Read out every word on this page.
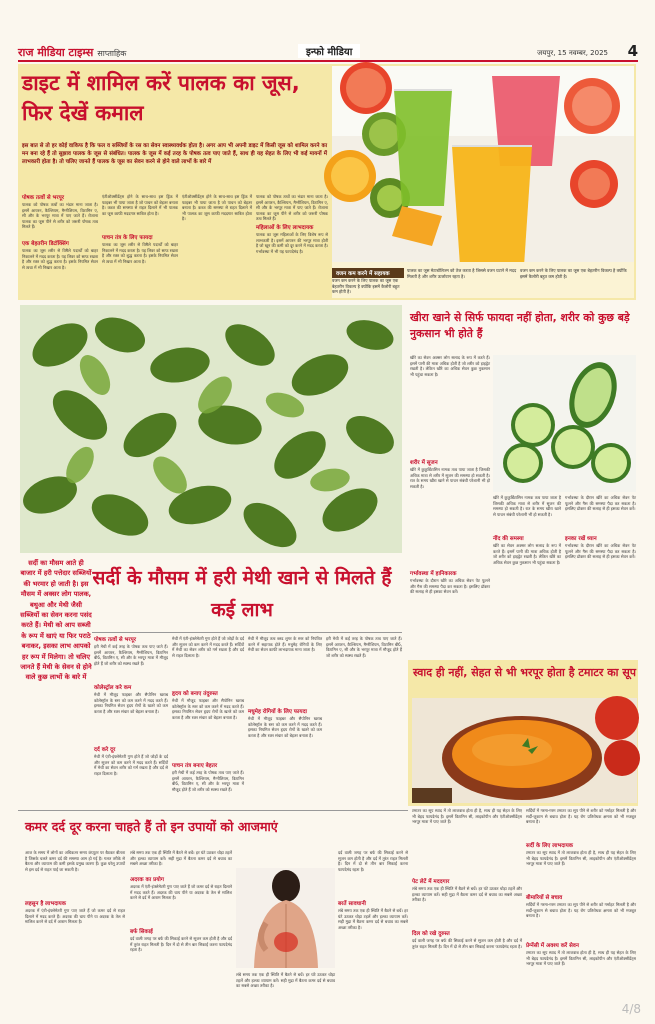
राज मीडिया टाइम्स साप्ताहिक	इन्फो मीडिया	जयपुर, 15 नवम्बर, 2025 4
डाइट में शामिल करें पालक का जूस, फिर देखें कमाल
इस बात से तो हर कोई वाकिफ है कि फल व सब्जियों के रस का सेवन स्वास्थ्यवर्धक होता है। अगर आप भी अपनी डाइट में किसी जूस को शामिल करने का मन बना रहे हैं तो सुझाव पालक के जूस से संबंधित। पालक के जूस में कई तरह के पोषक तत्व पाए जाते हैं, साथ ही यह सेहत के लिए भी कई मायनों में लाभकारी होता है। तो चलिए जानते हैं पालक के जूस का सेवन करने से होने वाले लाभों के बारे में
पोषक तत्वों से भरपूर
पालक को पोषक तत्वों का भंडार माना जाता है। इसमें आयरन, कैल्शियम, मैग्नीशियम, विटामिन ए, सी और के भरपूर मात्रा में पाए जाते हैं। रोजाना पालक का जूस पीने से शरीर को जरूरी पोषक तत्व मिलते हैं।
एक बेहतरीन डिटॉक्सिंग
पालक का जूस शरीर से विषैले पदार्थों को बाहर निकालने में मदद करता है। यह लिवर को साफ रखता है और रक्त को शुद्ध करता है। इसके नियमित सेवन से त्वचा में भी निखार आता है।
एंटीऑक्सीडेंट्स होने के साथ-साथ इस ड्रिंक में फाइबर भी पाया जाता है जो पाचन को बेहतर बनाता है। कब्ज की समस्या से राहत दिलाने में भी पालक का जूस काफी मददगार साबित होता है।
पाचन तंत्र के लिए फायदा
पालक का जूस शरीर से विषैले पदार्थों को बाहर निकालने में मदद करता है। यह लिवर को साफ रखता है और रक्त को शुद्ध करता है। इसके नियमित सेवन से त्वचा में भी निखार आता है।
एंटीऑक्सीडेंट्स होने के साथ-साथ इस ड्रिंक में फाइबर भी पाया जाता है जो पाचन को बेहतर बनाता है। कब्ज की समस्या से राहत दिलाने में भी पालक का जूस काफी मददगार साबित होता है।
पालक को पोषक तत्वों का भंडार माना जाता है। इसमें आयरन, कैल्शियम, मैग्नीशियम, विटामिन ए, सी और के भरपूर मात्रा में पाए जाते हैं। रोजाना पालक का जूस पीने से शरीर को जरूरी पोषक तत्व मिलते हैं।
महिलाओं के लिए लाभदायक
पालक का जूस महिलाओं के लिए विशेष रूप से लाभकारी है। इसमें आयरन की भरपूर मात्रा होती है जो खून की कमी को दूर करने में मदद करता है। गर्भावस्था में भी यह फायदेमंद है।
वजन कम करने में सहायक
वजन कम करने के लिए पालक का जूस एक बेहतरीन विकल्प है क्योंकि इसमें कैलोरी बहुत कम होती है।
पालक का जूस मेटाबॉलिज्म को तेज करता है जिससे वजन घटाने में मदद मिलती है और शरीर ऊर्जावान रहता है।
वजन कम करने के लिए पालक का जूस एक बेहतरीन विकल्प है क्योंकि इसमें कैलोरी बहुत कम होती है।
सर्दी का मौसम आते ही बाजार में हरी पत्तेदार सब्जियों की भरमार हो जाती है। इस मौसम में अक्सर लोग पालक, बथुआ और मेथी जैसी सब्जियों का सेवन करना पसंद करते हैं। मेथी को आप सब्जी के रूप में खाएं या फिर पराठे बनाकर, इसका लाभ आपको हर रूप में मिलेगा। तो चलिए जानते हैं मेथी के सेवन से होने वाले कुछ लाभों के बारे में
सर्दी के मौसम में हरी मेथी खाने से मिलते हैं कई लाभ
पोषक तत्वों से भरपूर
हरी मेथी में कई तरह के पोषक तत्व पाए जाते हैं। इसमें आयरन, कैल्शियम, मैग्नीशियम, विटामिन बी6, विटामिन ए, सी और के भरपूर मात्रा में मौजूद होते हैं जो शरीर को स्वस्थ रखते हैं।
कोलेस्ट्रॉल करे कम
मेथी में मौजूद फाइबर और सैपोनिन खराब कोलेस्ट्रॉल के स्तर को कम करने में मदद करते हैं। इसका नियमित सेवन हृदय रोगों के खतरे को कम करता है और रक्त संचार को बेहतर बनाता है।
दर्द करे दूर
मेथी में एंटी-इंफ्लेमेटरी गुण होते हैं जो जोड़ों के दर्द और सूजन को कम करने में मदद करते हैं। सर्दियों में मेथी का सेवन शरीर को गर्म रखता है और दर्द से राहत दिलाता है।
मेथी में एंटी-इंफ्लेमेटरी गुण होते हैं जो जोड़ों के दर्द और सूजन को कम करने में मदद करते हैं। सर्दियों में मेथी का सेवन शरीर को गर्म रखता है और दर्द से राहत दिलाता है।
हृदय को बनाए तंदुरुस्त
मेथी में मौजूद फाइबर और सैपोनिन खराब कोलेस्ट्रॉल के स्तर को कम करने में मदद करते हैं। इसका नियमित सेवन हृदय रोगों के खतरे को कम करता है और रक्त संचार को बेहतर बनाता है।
पाचन तंत्र बनाए बेहतर
हरी मेथी में कई तरह के पोषक तत्व पाए जाते हैं। इसमें आयरन, कैल्शियम, मैग्नीशियम, विटामिन बी6, विटामिन ए, सी और के भरपूर मात्रा में मौजूद होते हैं जो शरीर को स्वस्थ रखते हैं।
मेथी में मौजूद तत्व ब्लड शुगर के स्तर को नियंत्रित करने में सहायक होते हैं। मधुमेह रोगियों के लिए मेथी का सेवन काफी लाभदायक माना जाता है।
मधुमेह रोगियों के लिए फायदा
मेथी में मौजूद फाइबर और सैपोनिन खराब कोलेस्ट्रॉल के स्तर को कम करने में मदद करते हैं। इसका नियमित सेवन हृदय रोगों के खतरे को कम करता है और रक्त संचार को बेहतर बनाता है।
हरी मेथी में कई तरह के पोषक तत्व पाए जाते हैं। इसमें आयरन, कैल्शियम, मैग्नीशियम, विटामिन बी6, विटामिन ए, सी और के भरपूर मात्रा में मौजूद होते हैं जो शरीर को स्वस्थ रखते हैं।
खीरा खाने से सिर्फ फायदा नहीं होता, शरीर को कुछ बड़े नुकसान भी होते हैं
खीरे का सेवन अक्सर लोग सलाद के रूप में करते हैं। इसमें पानी की मात्रा अधिक होती है जो शरीर को हाइड्रेट रखती है। लेकिन खीरे का अधिक सेवन कुछ नुकसान भी पहुंचा सकता है।
शरीर में सूजन
खीरे में कुकुर्बिटासिन नामक तत्व पाया जाता है जिसकी अधिक मात्रा से शरीर में सूजन की समस्या हो सकती है। रात के समय खीरा खाने से पाचन संबंधी परेशानी भी हो सकती है।
खीरे में कुकुर्बिटासिन नामक तत्व पाया जाता है जिसकी अधिक मात्रा से शरीर में सूजन की समस्या हो सकती है। रात के समय खीरा खाने से पाचन संबंधी परेशानी भी हो सकती है।
नींद की समस्या
खीरे का सेवन अक्सर लोग सलाद के रूप में करते हैं। इसमें पानी की मात्रा अधिक होती है जो शरीर को हाइड्रेट रखती है। लेकिन खीरे का अधिक सेवन कुछ नुकसान भी पहुंचा सकता है।
गर्भावस्था के दौरान खीरे का अधिक सेवन पेट फूलने और गैस की समस्या पैदा कर सकता है। इसलिए डॉक्टर की सलाह से ही इसका सेवन करें।
इनका रखें ध्यान
गर्भावस्था के दौरान खीरे का अधिक सेवन पेट फूलने और गैस की समस्या पैदा कर सकता है। इसलिए डॉक्टर की सलाह से ही इसका सेवन करें।
गर्भावस्था में हानिकारक
गर्भावस्था के दौरान खीरे का अधिक सेवन पेट फूलने और गैस की समस्या पैदा कर सकता है। इसलिए डॉक्टर की सलाह से ही इसका सेवन करें।
स्वाद ही नहीं, सेहत से भी भरपूर होता है टमाटर का सूप
टमाटर का सूप स्वाद में तो लाजवाब होता ही है, साथ ही यह सेहत के लिए भी बेहद फायदेमंद है। इसमें विटामिन सी, लाइकोपीन और एंटीऑक्सीडेंट्स भरपूर मात्रा में पाए जाते हैं।
पेट लेटें में मददगार
लंबे समय तक एक ही स्थिति में बैठने से बचें। हर घंटे उठकर थोड़ा टहलें और हल्का व्यायाम करें। सही मुद्रा में बैठना कमर दर्द से बचाव का सबसे अच्छा तरीका है।
दिल को रखे दुरुस्त
दर्द वाली जगह पर बर्फ की सिकाई करने से सूजन कम होती है और दर्द में तुरंत राहत मिलती है। दिन में दो से तीन बार सिकाई करना फायदेमंद रहता है।
सर्दियों में गरमा-गरम टमाटर का सूप पीने से शरीर को गर्माहट मिलती है और सर्दी-जुकाम से बचाव होता है। यह रोग प्रतिरोधक क्षमता को भी मजबूत बनाता है।
सर्दी के लिए लाभदायक
टमाटर का सूप स्वाद में तो लाजवाब होता ही है, साथ ही यह सेहत के लिए भी बेहद फायदेमंद है। इसमें विटामिन सी, लाइकोपीन और एंटीऑक्सीडेंट्स भरपूर मात्रा में पाए जाते हैं।
बीमारियों से बचाव
सर्दियों में गरमा-गरम टमाटर का सूप पीने से शरीर को गर्माहट मिलती है और सर्दी-जुकाम से बचाव होता है। यह रोग प्रतिरोधक क्षमता को भी मजबूत बनाता है।
प्रेग्नेंसी में अवश्य करें सेवन
टमाटर का सूप स्वाद में तो लाजवाब होता ही है, साथ ही यह सेहत के लिए भी बेहद फायदेमंद है। इसमें विटामिन सी, लाइकोपीन और एंटीऑक्सीडेंट्स भरपूर मात्रा में पाए जाते हैं।
कमर दर्द दूर करना चाहते हैं तो इन उपायों को आजमाएं
आज के समय में लोगों का अधिकतर समय कंप्यूटर पर बैठकर बीतता है जिसके चलते कमर दर्द की समस्या आम हो गई है। गलत तरीके से बैठना और व्यायाम की कमी इसके प्रमुख कारण हैं। कुछ घरेलू उपायों से इस दर्द से राहत पाई जा सकती है।
लहसुन है लाभदायक
अदरक में एंटी-इंफ्लेमेटरी गुण पाए जाते हैं जो कमर दर्द से राहत दिलाने में मदद करते हैं। अदरक की चाय पीने या अदरक के तेल से मालिश करने से दर्द में आराम मिलता है।
लंबे समय तक एक ही स्थिति में बैठने से बचें। हर घंटे उठकर थोड़ा टहलें और हल्का व्यायाम करें। सही मुद्रा में बैठना कमर दर्द से बचाव का सबसे अच्छा तरीका है।
अदरक का प्रयोग
अदरक में एंटी-इंफ्लेमेटरी गुण पाए जाते हैं जो कमर दर्द से राहत दिलाने में मदद करते हैं। अदरक की चाय पीने या अदरक के तेल से मालिश करने से दर्द में आराम मिलता है।
बर्फ सिकाई
दर्द वाली जगह पर बर्फ की सिकाई करने से सूजन कम होती है और दर्द में तुरंत राहत मिलती है। दिन में दो से तीन बार सिकाई करना फायदेमंद रहता है।
लंबे समय तक एक ही स्थिति में बैठने से बचें। हर घंटे उठकर थोड़ा टहलें और हल्का व्यायाम करें। सही मुद्रा में बैठना कमर दर्द से बचाव का सबसे अच्छा तरीका है।
दर्द वाली जगह पर बर्फ की सिकाई करने से सूजन कम होती है और दर्द में तुरंत राहत मिलती है। दिन में दो से तीन बार सिकाई करना फायदेमंद रहता है।
बरतें सावधानी
लंबे समय तक एक ही स्थिति में बैठने से बचें। हर घंटे उठकर थोड़ा टहलें और हल्का व्यायाम करें। सही मुद्रा में बैठना कमर दर्द से बचाव का सबसे अच्छा तरीका है।
4/8
